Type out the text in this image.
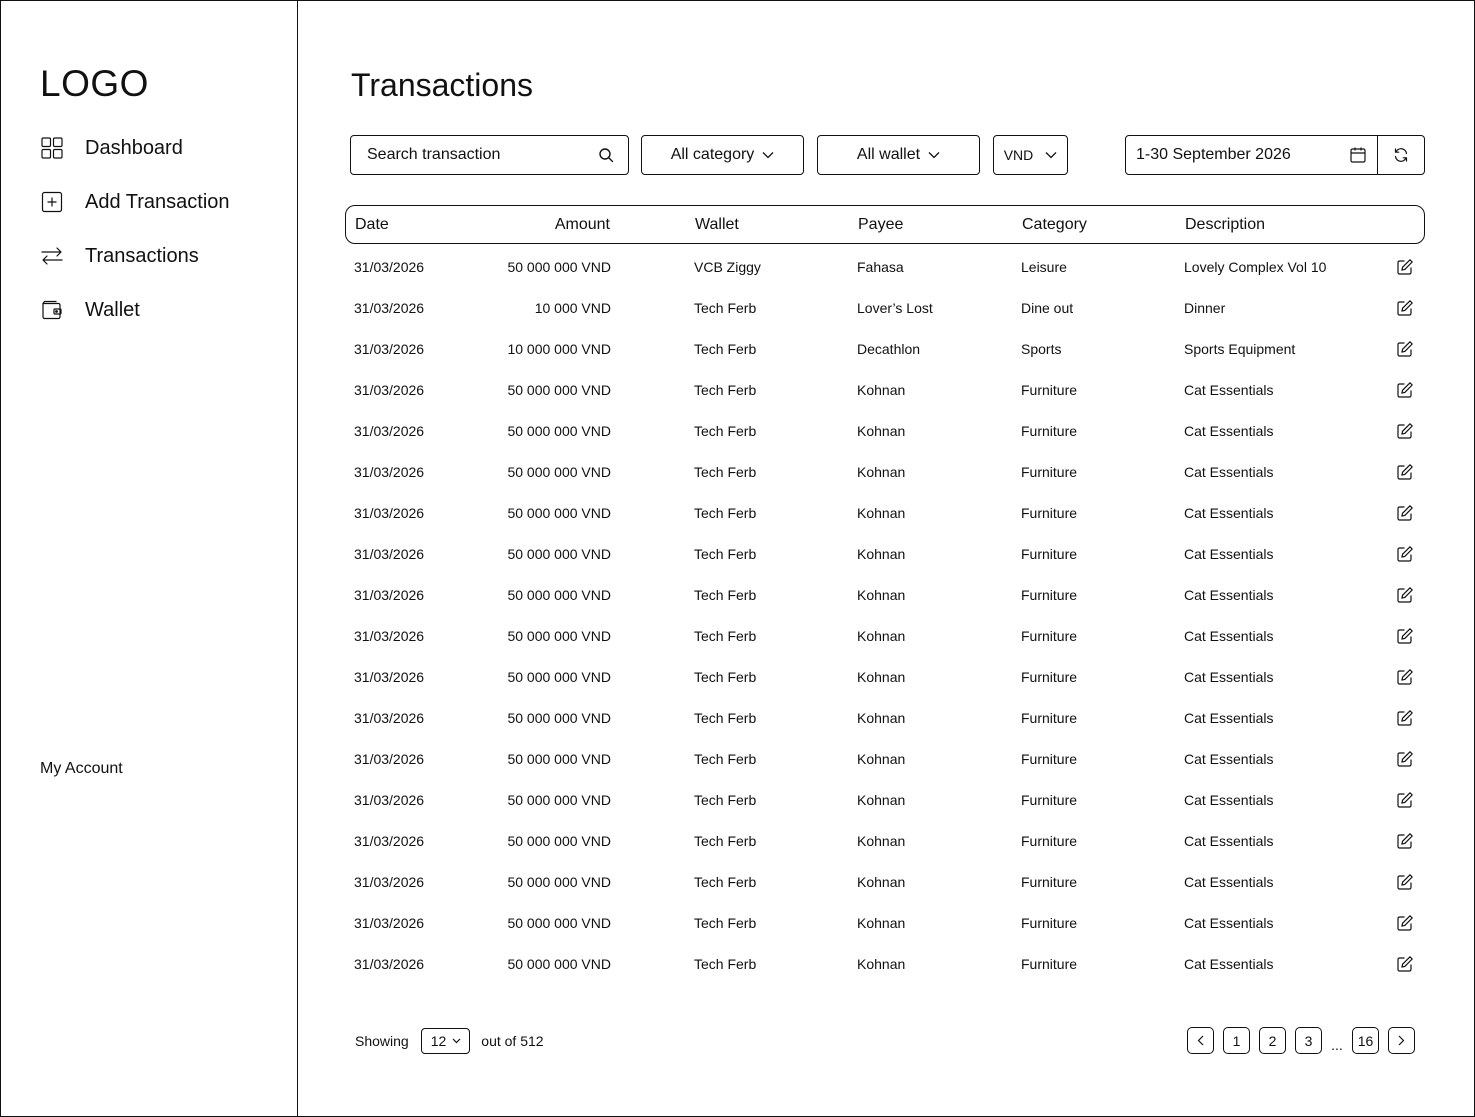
LOGO
Dashboard
Add Transaction
Transactions
Wallet
My Account
Transactions
Search transaction
All category	All wallet	VND	1-30 September 2026
Date	Amount	Wallet	Payee	Category	Description
31/03/2026	50 000 000 VND	VCB Ziggy	Fahasa	Leisure	Lovely Complex Vol 10
31/03/2026	10 000 VND	Tech Ferb	Lover’s Lost	Dine out	Dinner
31/03/2026	10 000 000 VND	Tech Ferb	Decathlon	Sports	Sports Equipment
31/03/2026	50 000 000 VND	Tech Ferb	Kohnan	Furniture	Cat Essentials
31/03/2026	50 000 000 VND	Tech Ferb	Kohnan	Furniture	Cat Essentials
31/03/2026	50 000 000 VND	Tech Ferb	Kohnan	Furniture	Cat Essentials
31/03/2026	50 000 000 VND	Tech Ferb	Kohnan	Furniture	Cat Essentials
31/03/2026	50 000 000 VND	Tech Ferb	Kohnan	Furniture	Cat Essentials
31/03/2026	50 000 000 VND	Tech Ferb	Kohnan	Furniture	Cat Essentials
31/03/2026	50 000 000 VND	Tech Ferb	Kohnan	Furniture	Cat Essentials
31/03/2026	50 000 000 VND	Tech Ferb	Kohnan	Furniture	Cat Essentials
31/03/2026	50 000 000 VND	Tech Ferb	Kohnan	Furniture	Cat Essentials
31/03/2026	50 000 000 VND	Tech Ferb	Kohnan	Furniture	Cat Essentials
31/03/2026	50 000 000 VND	Tech Ferb	Kohnan	Furniture	Cat Essentials
31/03/2026	50 000 000 VND	Tech Ferb	Kohnan	Furniture	Cat Essentials
31/03/2026	50 000 000 VND	Tech Ferb	Kohnan	Furniture	Cat Essentials
31/03/2026	50 000 000 VND	Tech Ferb	Kohnan	Furniture	Cat Essentials
31/03/2026	50 000 000 VND	Tech Ferb	Kohnan	Furniture	Cat Essentials
Showing 12	out of 512	1	2	3	...	16
